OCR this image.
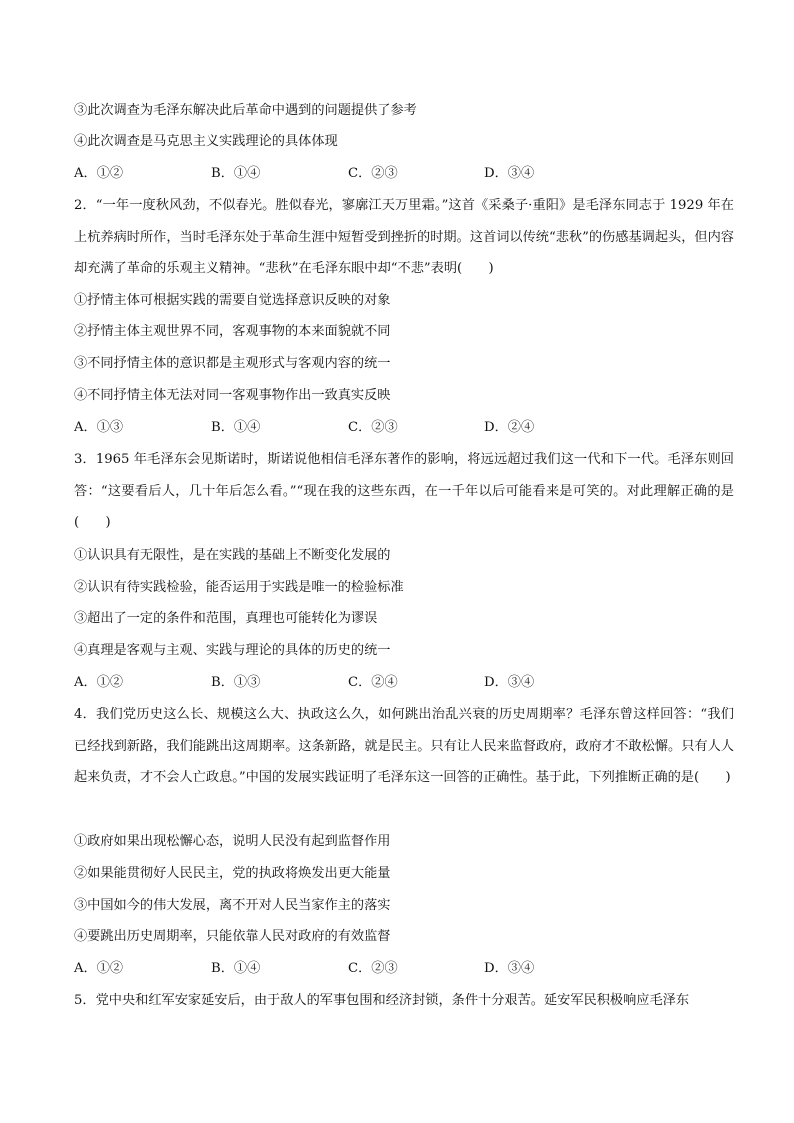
③此次调查为毛泽东解决此后革命中遇到的问题提供了参考
④此次调查是马克思主义实践理论的具体体现
A．①②	B．①④	C．②③	D．③④
2．“一年一度秋风劲，不似春光。胜似春光，寥廓江天万里霜。”这首《采桑子·重阳》是毛泽东同志于 1929 年在上杭养病时所作，当时毛泽东处于革命生涯中短暂受到挫折的时期。这首词以传统“悲秋”的伤感基调起头，但内容却充满了革命的乐观主义精神。“悲秋”在毛泽东眼中却“不悲”表明(　　)
①抒情主体可根据实践的需要自觉选择意识反映的对象
②抒情主体主观世界不同，客观事物的本来面貌就不同
③不同抒情主体的意识都是主观形式与客观内容的统一
④不同抒情主体无法对同一客观事物作出一致真实反映
A．①③	B．①④	C．②③	D．②④
3．1965 年毛泽东会见斯诺时，斯诺说他相信毛泽东著作的影响，将远远超过我们这一代和下一代。毛泽东则回答：“这要看后人，几十年后怎么看。”“现在我的这些东西，在一千年以后可能看来是可笑的。对此理解正确的是(　　)
①认识具有无限性，是在实践的基础上不断变化发展的
②认识有待实践检验，能否运用于实践是唯一的检验标准
③超出了一定的条件和范围，真理也可能转化为谬误
④真理是客观与主观、实践与理论的具体的历史的统一
A．①②	B．①③	C．②④	D．③④
4．我们党历史这么长、规模这么大、执政这么久，如何跳出治乱兴衰的历史周期率？毛泽东曾这样回答：“我们已经找到新路，我们能跳出这周期率。这条新路，就是民主。只有让人民来监督政府，政府才不敢松懈。只有人人起来负责，才不会人亡政息。”中国的发展实践证明了毛泽东这一回答的正确性。基于此，下列推断正确的是(　　)
①政府如果出现松懈心态，说明人民没有起到监督作用
②如果能贯彻好人民民主，党的执政将焕发出更大能量
③中国如今的伟大发展，离不开对人民当家作主的落实
④要跳出历史周期率，只能依靠人民对政府的有效监督
A．①②	B．①④	C．②③	D．③④
5．党中央和红军安家延安后，由于敌人的军事包围和经济封锁，条件十分艰苦。延安军民积极响应毛泽东
